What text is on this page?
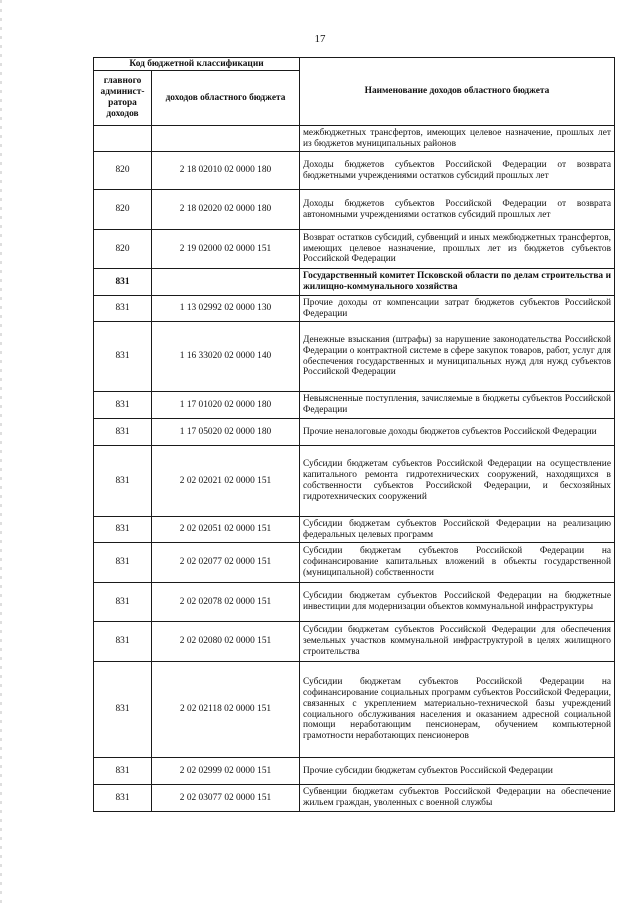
17
Код бюджетной классификации		Наименование доходов областного бюджета
главного админист-ратора доходов	доходов областного бюджета	
		межбюджетных трансфертов, имеющих целевое назначение, прошлых лет из бюджетов муниципальных районов
820	2 18 02010 02 0000 180	Доходы бюджетов субъектов Российской Федерации от возврата бюджетными учреждениями остатков субсидий прошлых лет
820	2 18 02020 02 0000 180	Доходы бюджетов субъектов Российской Федерации от возврата автономными учреждениями остатков субсидий прошлых лет
820	2 19 02000 02 0000 151	Возврат остатков субсидий, субвенций и иных межбюджетных трансфертов, имеющих целевое назначение, прошлых лет из бюджетов субъектов Российской Федерации
831		Государственный комитет Псковской области по делам строительства и жилищно-коммунального хозяйства
831	1 13 02992 02 0000 130	Прочие доходы от компенсации затрат бюджетов субъектов Российской Федерации
831	1 16 33020 02 0000 140	Денежные взыскания (штрафы) за нарушение законодательства Российской Федерации о контрактной системе в сфере закупок товаров, работ, услуг для обеспечения государственных и муниципальных нужд для нужд субъектов Российской Федерации
831	1 17 01020 02 0000 180	Невыясненные поступления, зачисляемые в бюджеты субъектов Российской Федерации
831	1 17 05020 02 0000 180	Прочие неналоговые доходы бюджетов субъектов Российской Федерации
831	2 02 02021 02 0000 151	Субсидии бюджетам субъектов Российской Федерации на осуществление капитального ремонта гидротехнических сооружений, находящихся в собственности субъектов Российской Федерации, и бесхозяйных гидротехнических сооружений
831	2 02 02051 02 0000 151	Субсидии бюджетам субъектов Российской Федерации на реализацию федеральных целевых программ
831	2 02 02077 02 0000 151	Субсидии бюджетам субъектов Российской Федерации на софинансирование капитальных вложений в объекты государственной (муниципальной) собственности
831	2 02 02078 02 0000 151	Субсидии бюджетам субъектов Российской Федерации на бюджетные инвестиции для модернизации объектов коммунальной инфраструктуры
831	2 02 02080 02 0000 151	Субсидии бюджетам субъектов Российской Федерации для обеспечения земельных участков коммунальной инфраструктурой в целях жилищного строительства
831	2 02 02118 02 0000 151	Субсидии бюджетам субъектов Российской Федерации на софинансирование социальных программ субъектов Российской Федерации, связанных с укреплением материально-технической базы учреждений социального обслуживания населения и оказанием адресной социальной помощи неработающим пенсионерам, обучением компьютерной грамотности неработающих пенсионеров
831	2 02 02999 02 0000 151	Прочие субсидии бюджетам субъектов Российской Федерации
831	2 02 03077 02 0000 151	Субвенции бюджетам субъектов Российской Федерации на обеспечение жильем граждан, уволенных с военной службы
